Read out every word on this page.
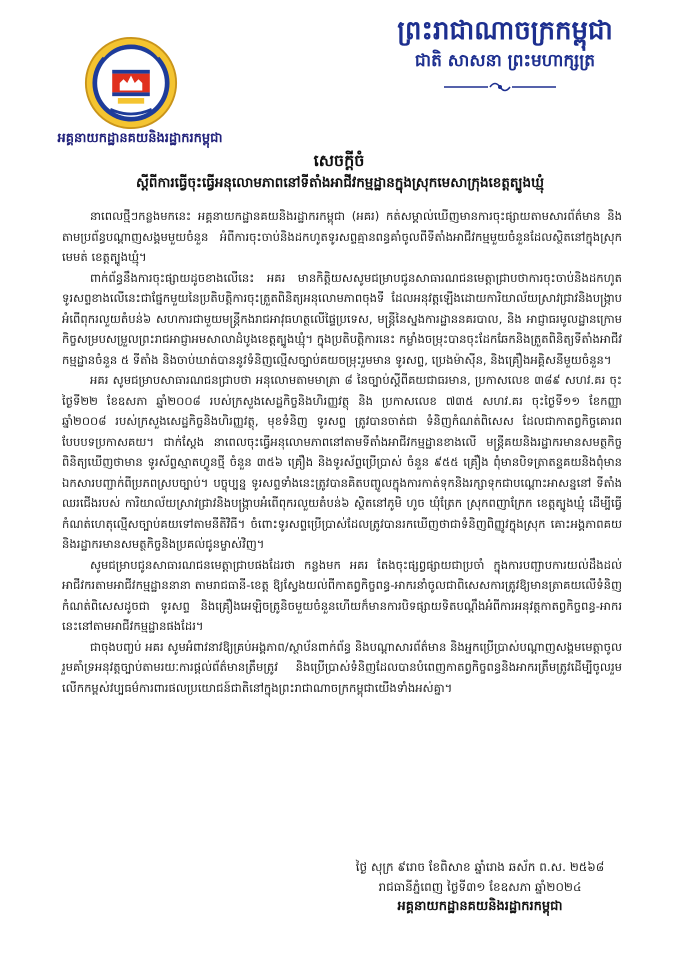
អគ្គនាយកដ្ឋានគយនិងរដ្ឋាករកម្ពុជា
ព្រះរាជាណាចក្រកម្ពុជា
ជាតិ សាសនា ព្រះមហាក្សត្រ
សេចក្តីចំ
ស្តីពីការធ្វើចុះធ្វើអនុលោមភាពនៅទីតាំងអាជីវកម្មដ្ឋានក្នុងស្រុកមេសាក្រុងខេត្តត្បូងឃ្មុំ

នាពេលថ្មីៗកន្លងមកនេះ អគ្គនាយកដ្ឋានគយនិងរដ្ឋាករកម្ពុជា (អគរ) កត់សម្គាល់ឃើញមានការចុះផ្សាយតាមសារព័ត៌មាន និងតាមប្រព័ន្ធបណ្តាញសង្គមមួយចំនួន អំពីការចុះចាប់និងដកហូតទូរសព្ទគ្មានពន្ធគាំចូលពីទីតាំងអាជីវកម្មមួយចំនួនដែលស្ថិតនៅក្នុងស្រុកមេមត់ ខេត្តត្បូងឃ្មុំ។

ពាក់ព័ន្ធនឹងការចុះផ្សាយដូចខាងលើនេះ អគរ មានកិត្តិយសសូមជម្រាបជូនសាធារណជនមេត្តាជ្រាបថាការចុះចាប់និងដកហូតទូរសព្ទខាងលើនេះជាផ្នែកមួយនៃប្រតិបត្តិការចុះត្រួតពិនិត្យអនុលោមភាពចុងទី ដែលអនុវត្តឡើងដោយការិយាល័យស្រាវជ្រាវនិងបង្ក្រាបអំពើពុករលួយតំបន់៦ សហការជាមួយមន្ត្រីកងរាជអាវុធហត្ថលើផ្ទៃប្រទេស, មន្ត្រីនៃស្នងការដ្ឋាននគរបាល, និង អាជ្ញាធរមូលដ្ឋានក្រោមកិច្ចសម្របសម្រួលព្រះរាជអាជ្ញាអមសាលាដំបូងខេត្តត្បូងឃ្មុំ។ ក្នុងប្រតិបត្តិការនេះ កម្លាំងចម្រុះបានចុះដែកឆែកនិងត្រួតពិនិត្យទីតាំងអាជីវកម្មដ្ឋានចំនួន ៥ ទីតាំង និងចាប់ឃាត់បាននូវទំនិញល្មើសច្បាប់គយចម្រុះរួមមាន ទូរសព្ទ, ប្រេងម៉ាស៊ីន, និងគ្រឿងអគ្គិសនីមួយចំនួន។

អគរ សូមជម្រាបសាធារណជនជ្រាបថា អនុលោមតាមមាត្រា ៨ នៃច្បាប់ស្តីពីគយជាធរមាន, ប្រកាសលេខ ៣៨៩ សហវ.គរ ចុះថ្ងៃទី២២ ខែឧសភា ឆ្នាំ២០០៨ របស់ក្រសួងសេដ្ឋកិច្ចនិងហិរញ្ញវត្ថុ និង ប្រកាសលេខ ៧៣៥ សហវ.គរ ចុះថ្ងៃទី១១ ខែកញ្ញា ឆ្នាំ២០០៨ របស់ក្រសួងសេដ្ឋកិច្ចនិងហិរញ្ញវត្ថុ, មុខទំនិញ ទូរសព្ទ ត្រូវបានចាត់ជា ទំនិញកំណត់ពិសេស ដែលជាកាតព្វកិច្ចគោរពបែបបទប្រកាសគយ។ ជាក់ស្តែង នាពេលចុះធ្វើអនុលោមភាពនៅតាមទីតាំងអាជីវកម្មដ្ឋានខាងលើ មន្ត្រីគយនិងរដ្ឋាករមានសមត្ថកិច្ចពិនិត្យឃើញថាមាន ទូរស័ព្ទស្មាតហ្វូនថ្មី ចំនួន ៣៥៦ គ្រឿង និងទូរស័ព្ទប្រើប្រាស់ ចំនួន ៩៥៥ គ្រឿង ពុំមានបិទត្រាតន្ទគយនិងពុំមានឯកសារបញ្ជាក់ពីប្រភពស្របច្បាប់។ បច្ចុប្បន្ន ទូរសព្ទទាំងនេះត្រូវបានគិតបញ្ចូលក្នុងការកាត់ទុកនិងរក្សាទុកជាបណ្តោះអាសន្ននៅ ទីតាំងឈរជើងរបស់ ការិយាល័យស្រាវជ្រាវនិងបង្ក្រាបអំពើពុករលួយតំបន់៦ ស្ថិតនៅភូមិ ហូច ឃុំត្រែក ស្រុកពញាក្រែក ខេត្តត្បូងឃ្មុំ ដើម្បីធ្វើកំណត់ហេតុល្មើសច្បាប់គយទៅតាមនីតិវិធី។ ចំពោះទូរសព្ទប្រើប្រាស់ដែលត្រូវបានរកឃើញថាជាទំនិញពិញ្ញូវក្នុងស្រុក គោះអង្គភាពគយនិងរដ្ឋាករមានសមត្ថកិច្ចនិងប្រគល់ជូនម្ចាស់វិញ។

សូមជម្រាបជូនសាធារណជនមេត្តាជ្រាបផងដែរថា កន្លងមក អគរ តែងចុះផ្សព្វផ្សាយជាប្រចាំ ក្នុងការបញ្ជាបការយល់ដឹងដល់អាជីវករតាមអាជីវកម្មដ្ឋាននានា តាមរាជធានី-ខេត្ត ឱ្យស្វែងយល់ពីកាតព្វកិច្ចពន្ធ-អាករនាំចូលជាពិសេសការត្រូវឱ្យមានត្រាគយលើទំនិញកំណត់ពិសេសដូចជា ទូរសព្ទ និងគ្រឿងអេឡិចត្រូនិចមួយចំនួនហើយក៏មានការបិទផ្សាយទិតបណ្តឹងអំពីការអនុវត្តកាតព្វកិច្ចពន្ធ-អាករនេះនៅតាមអាជីវកម្មដ្ឋានផងដែរ។

ជាចុងបញ្ចប់ អគរ សូមអំពាវនាវឱ្យគ្រប់អង្គភាព/ស្ថាប័នពាក់ព័ន្ធ និងបណ្តាសារព័ត៌មាន និងអ្នកប្រើប្រាស់បណ្តាញសង្គមមេត្តាចូលរួមគាំទ្រអនុវត្តច្បាប់តាមរយៈការផ្តល់ព័ត៌មានត្រឹមត្រូវ និងប្រើប្រាស់ទំនិញដែលបានបំពេញកាតព្វកិច្ចពន្ធនិងអាករត្រឹមត្រូវដើម្បីចូលរួមលើកកម្ពស់វប្បធម៌ការពារផលប្រយោជន៍ជាតិនៅក្នុងព្រះរាជាណាចក្រកម្ពុជាយើងទាំងអស់គ្នា។

ថ្ងៃ សុក្រ ៩រោច ខែពិសាខ ឆ្នាំរោង ឆស័ក ព.ស. ២៥៦៨
រាជធានីភ្នំពេញ ថ្ងៃទី៣១ ខែឧសភា ឆ្នាំ២០២៤
អគ្គនាយកដ្ឋានគយនិងរដ្ឋាករកម្ពុជា
